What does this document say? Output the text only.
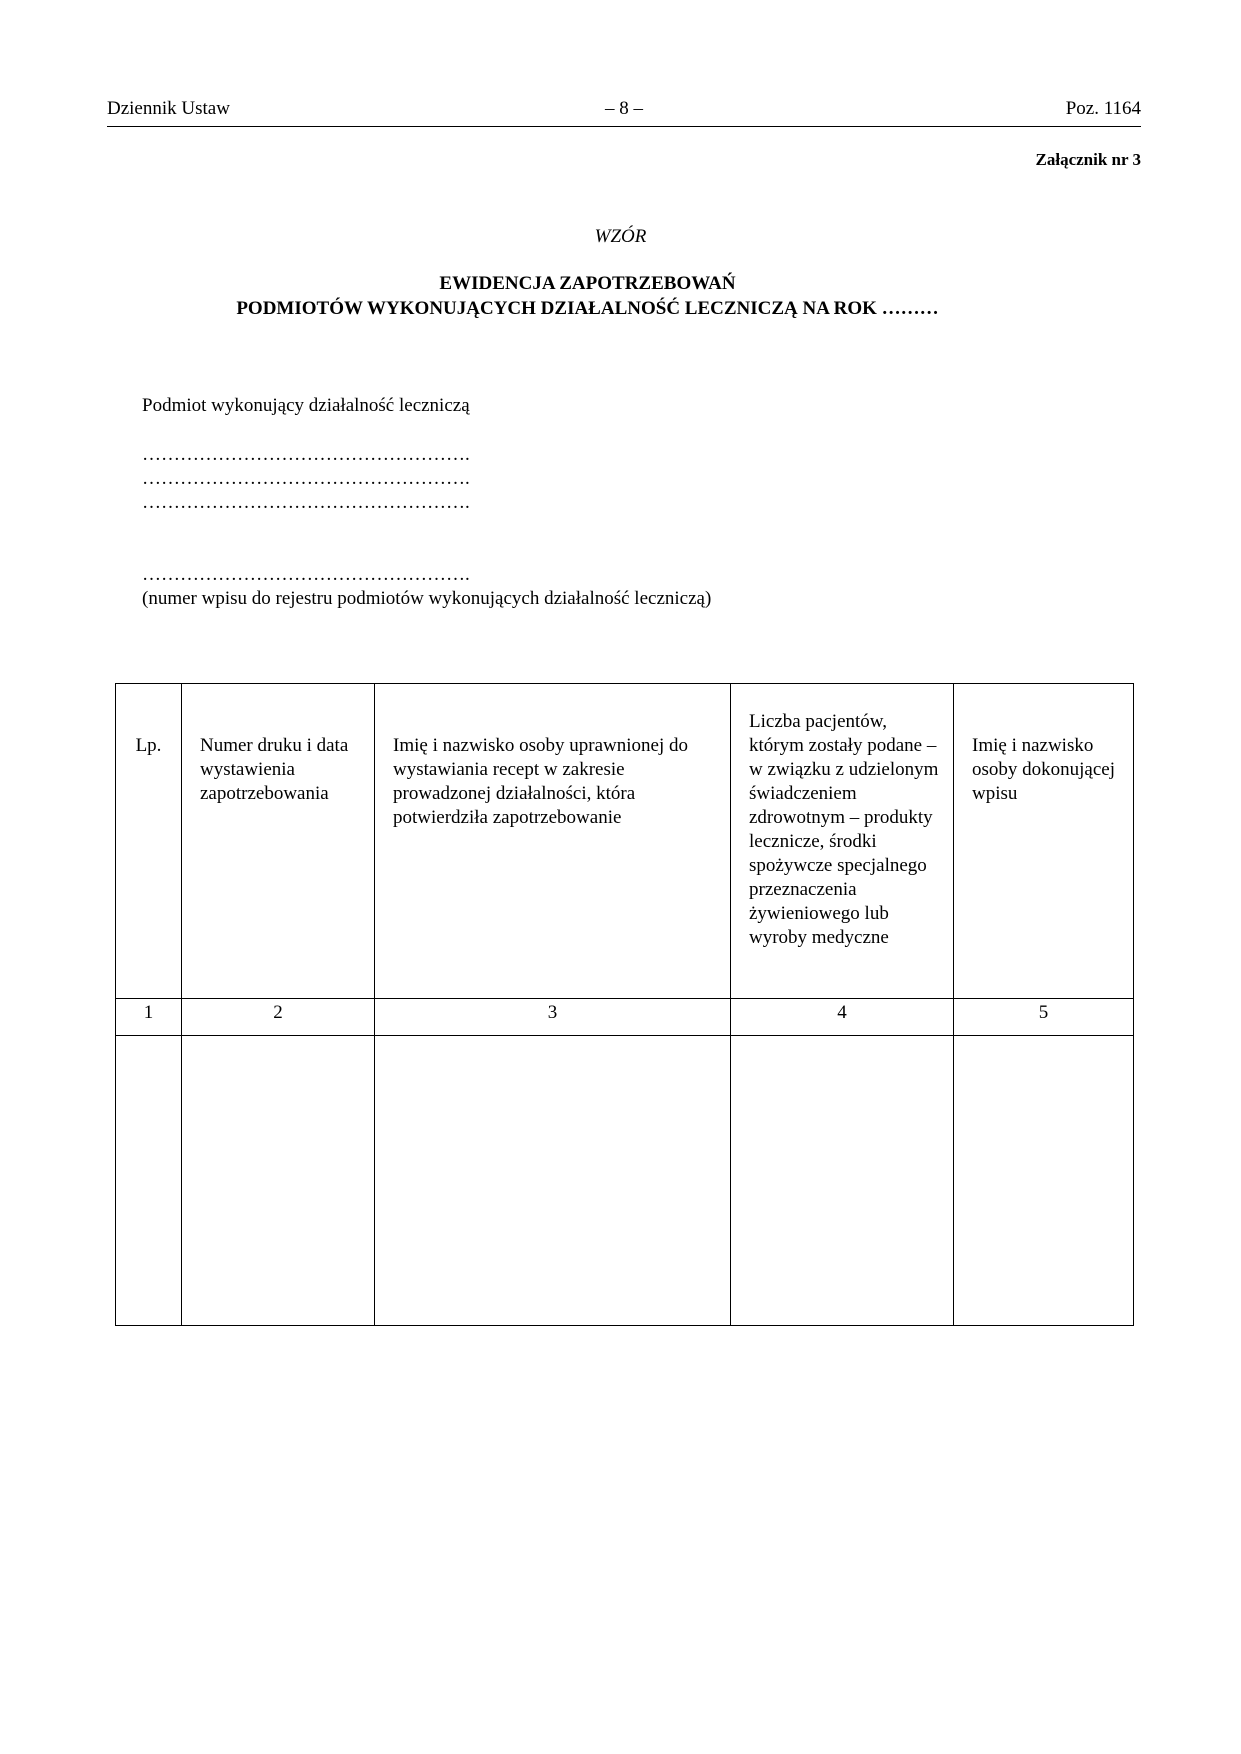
Dziennik Ustaw	– 8 –	Poz. 1164
Załącznik nr 3
WZÓR
EWIDENCJA ZAPOTRZEBOWAŃ
PODMIOTÓW WYKONUJĄCYCH DZIAŁALNOŚĆ LECZNICZĄ NA ROK ………
Podmiot wykonujący działalność leczniczą
…………………………………………….
…………………………………………….
…………………………………………….
…………………………………………….
(numer wpisu do rejestru podmiotów wykonujących działalność leczniczą)
Lp.	Numer druku i data wystawienia zapotrzebowania	Imię i nazwisko osoby uprawnionej do wystawiania recept w zakresie prowadzonej działalności, która potwierdziła zapotrzebowanie	Liczba pacjentów, którym zostały podane – w związku z udzielonym świadczeniem zdrowotnym – produkty lecznicze, środki spożywcze specjalnego przeznaczenia żywieniowego lub wyroby medyczne	Imię i nazwisko osoby dokonującej wpisu

1	2	3	4	5
